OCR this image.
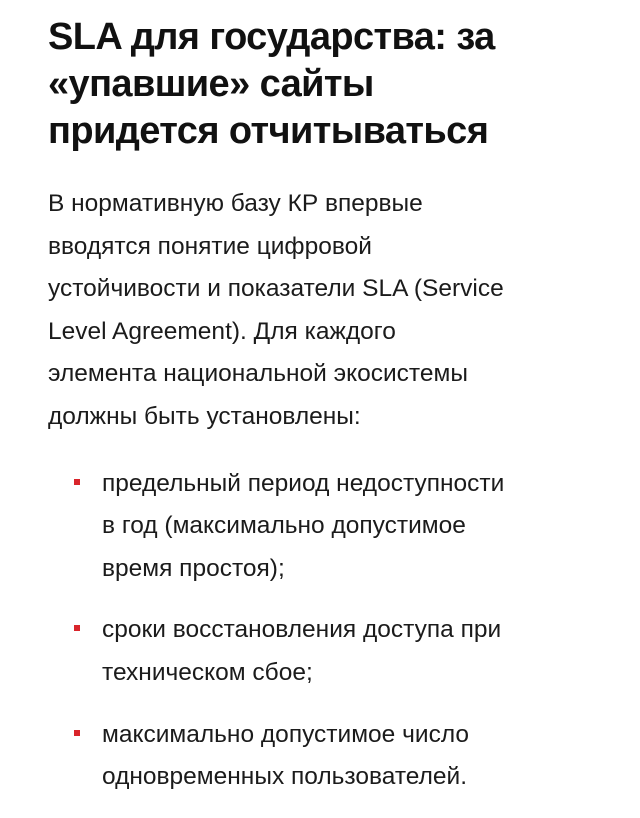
SLA для государства: за
«упавшие» сайты
придется отчитываться

В нормативную базу КР впервые
вводятся понятие цифровой
устойчивости и показатели SLA (Service
Level Agreement). Для каждого
элемента национальной экосистемы
должны быть установлены:

предельный период недоступности
в год (максимально допустимое
время простоя);
сроки восстановления доступа при
техническом сбое;
максимально допустимое число
одновременных пользователей.
